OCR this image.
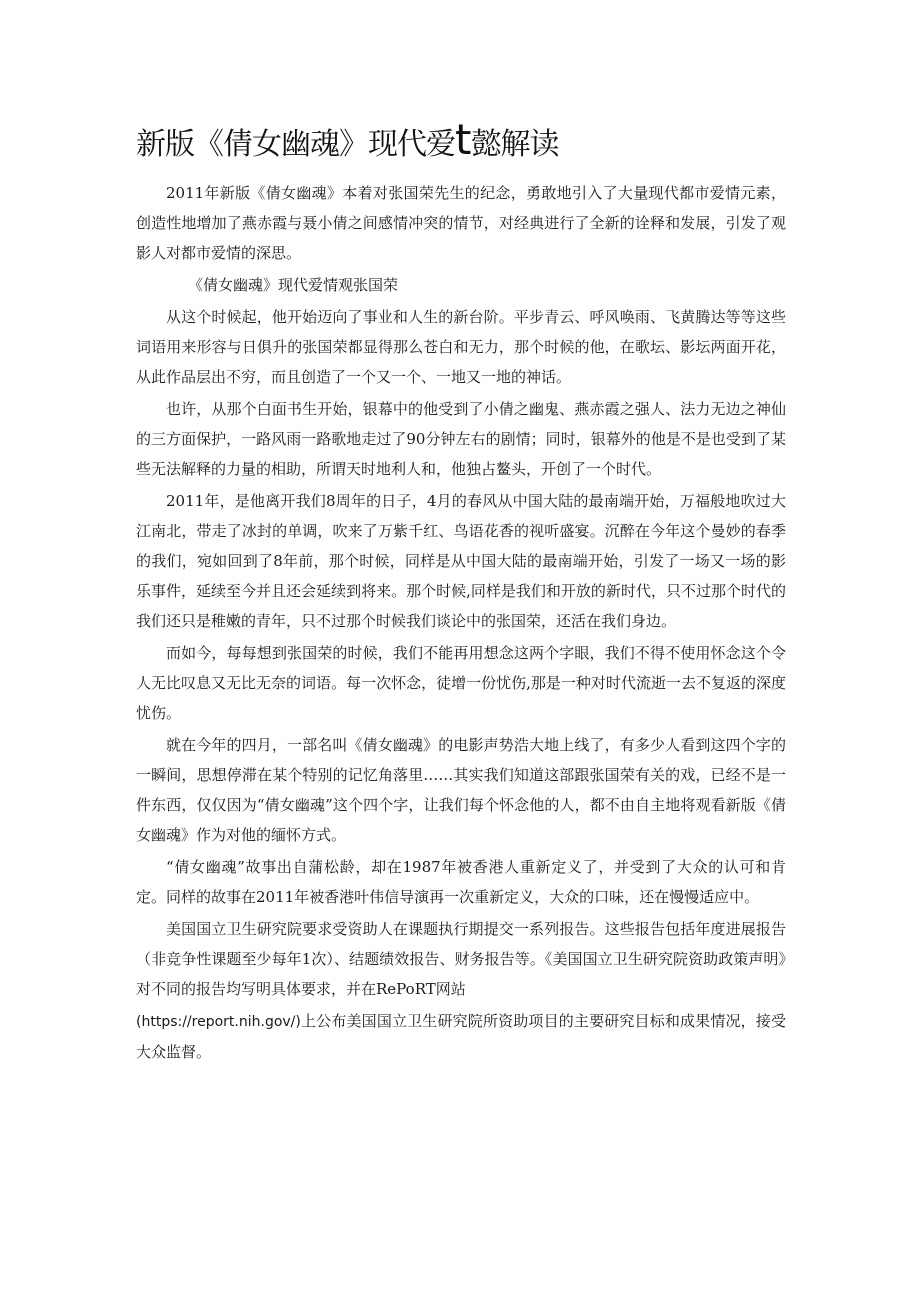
新版《倩女幽魂》现代爱t懿解读

2011年新版《倩女幽魂》本着对张国荣先生的纪念，勇敢地引入了大量现代都市爱情元素，创造性地增加了燕赤霞与聂小倩之间感情冲突的情节，对经典进行了全新的诠释和发展，引发了观影人对都市爱情的深思。

《倩女幽魂》现代爱情观张国荣

从这个时候起，他开始迈向了事业和人生的新台阶。平步青云、呼风唤雨、飞黄腾达等等这些词语用来形容与日俱升的张国荣都显得那么苍白和无力，那个时候的他，在歌坛、影坛两面开花，从此作品层出不穷，而且创造了一个又一个、一地又一地的神话。

也许，从那个白面书生开始，银幕中的他受到了小倩之幽鬼、燕赤霞之强人、法力无边之神仙的三方面保护，一路风雨一路歌地走过了90分钟左右的剧情；同时，银幕外的他是不是也受到了某些无法解释的力量的相助，所谓天时地利人和，他独占鳌头，开创了一个时代。

2011年，是他离开我们8周年的日子，4月的春风从中国大陆的最南端开始，万福般地吹过大江南北，带走了冰封的单调，吹来了万紫千红、鸟语花香的视听盛宴。沉醉在今年这个曼妙的春季的我们，宛如回到了8年前，那个时候，同样是从中国大陆的最南端开始，引发了一场又一场的影乐事件，延续至今并且还会延续到将来。那个时候,同样是我们和开放的新时代，只不过那个时代的我们还只是稚嫩的青年，只不过那个时候我们谈论中的张国荣，还活在我们身边。

而如今，每每想到张国荣的时候，我们不能再用想念这两个字眼，我们不得不使用怀念这个令人无比叹息又无比无奈的词语。每一次怀念，徒增一份忧伤,那是一种对时代流逝一去不复返的深度忧伤。

就在今年的四月，一部名叫《倩女幽魂》的电影声势浩大地上线了，有多少人看到这四个字的一瞬间，思想停滞在某个特别的记忆角落里……其实我们知道这部跟张国荣有关的戏，已经不是一件东西，仅仅因为“倩女幽魂”这个四个字，让我们每个怀念他的人，都不由自主地将观看新版《倩女幽魂》作为对他的缅怀方式。

“倩女幽魂”故事出自蒲松龄，却在1987年被香港人重新定义了，并受到了大众的认可和肯定。同样的故事在2011年被香港叶伟信导演再一次重新定义，大众的口味，还在慢慢适应中。

美国国立卫生研究院要求受资助人在课题执行期提交一系列报告。这些报告包括年度进展报告（非竞争性课题至少每年1次）、结题绩效报告、财务报告等。《美国国立卫生研究院资助政策声明》对不同的报告均写明具体要求，并在RePoRT网站

(https://report.nih.gov/)上公布美国国立卫生研究院所资助项目的主要研究目标和成果情况，接受大众监督。
